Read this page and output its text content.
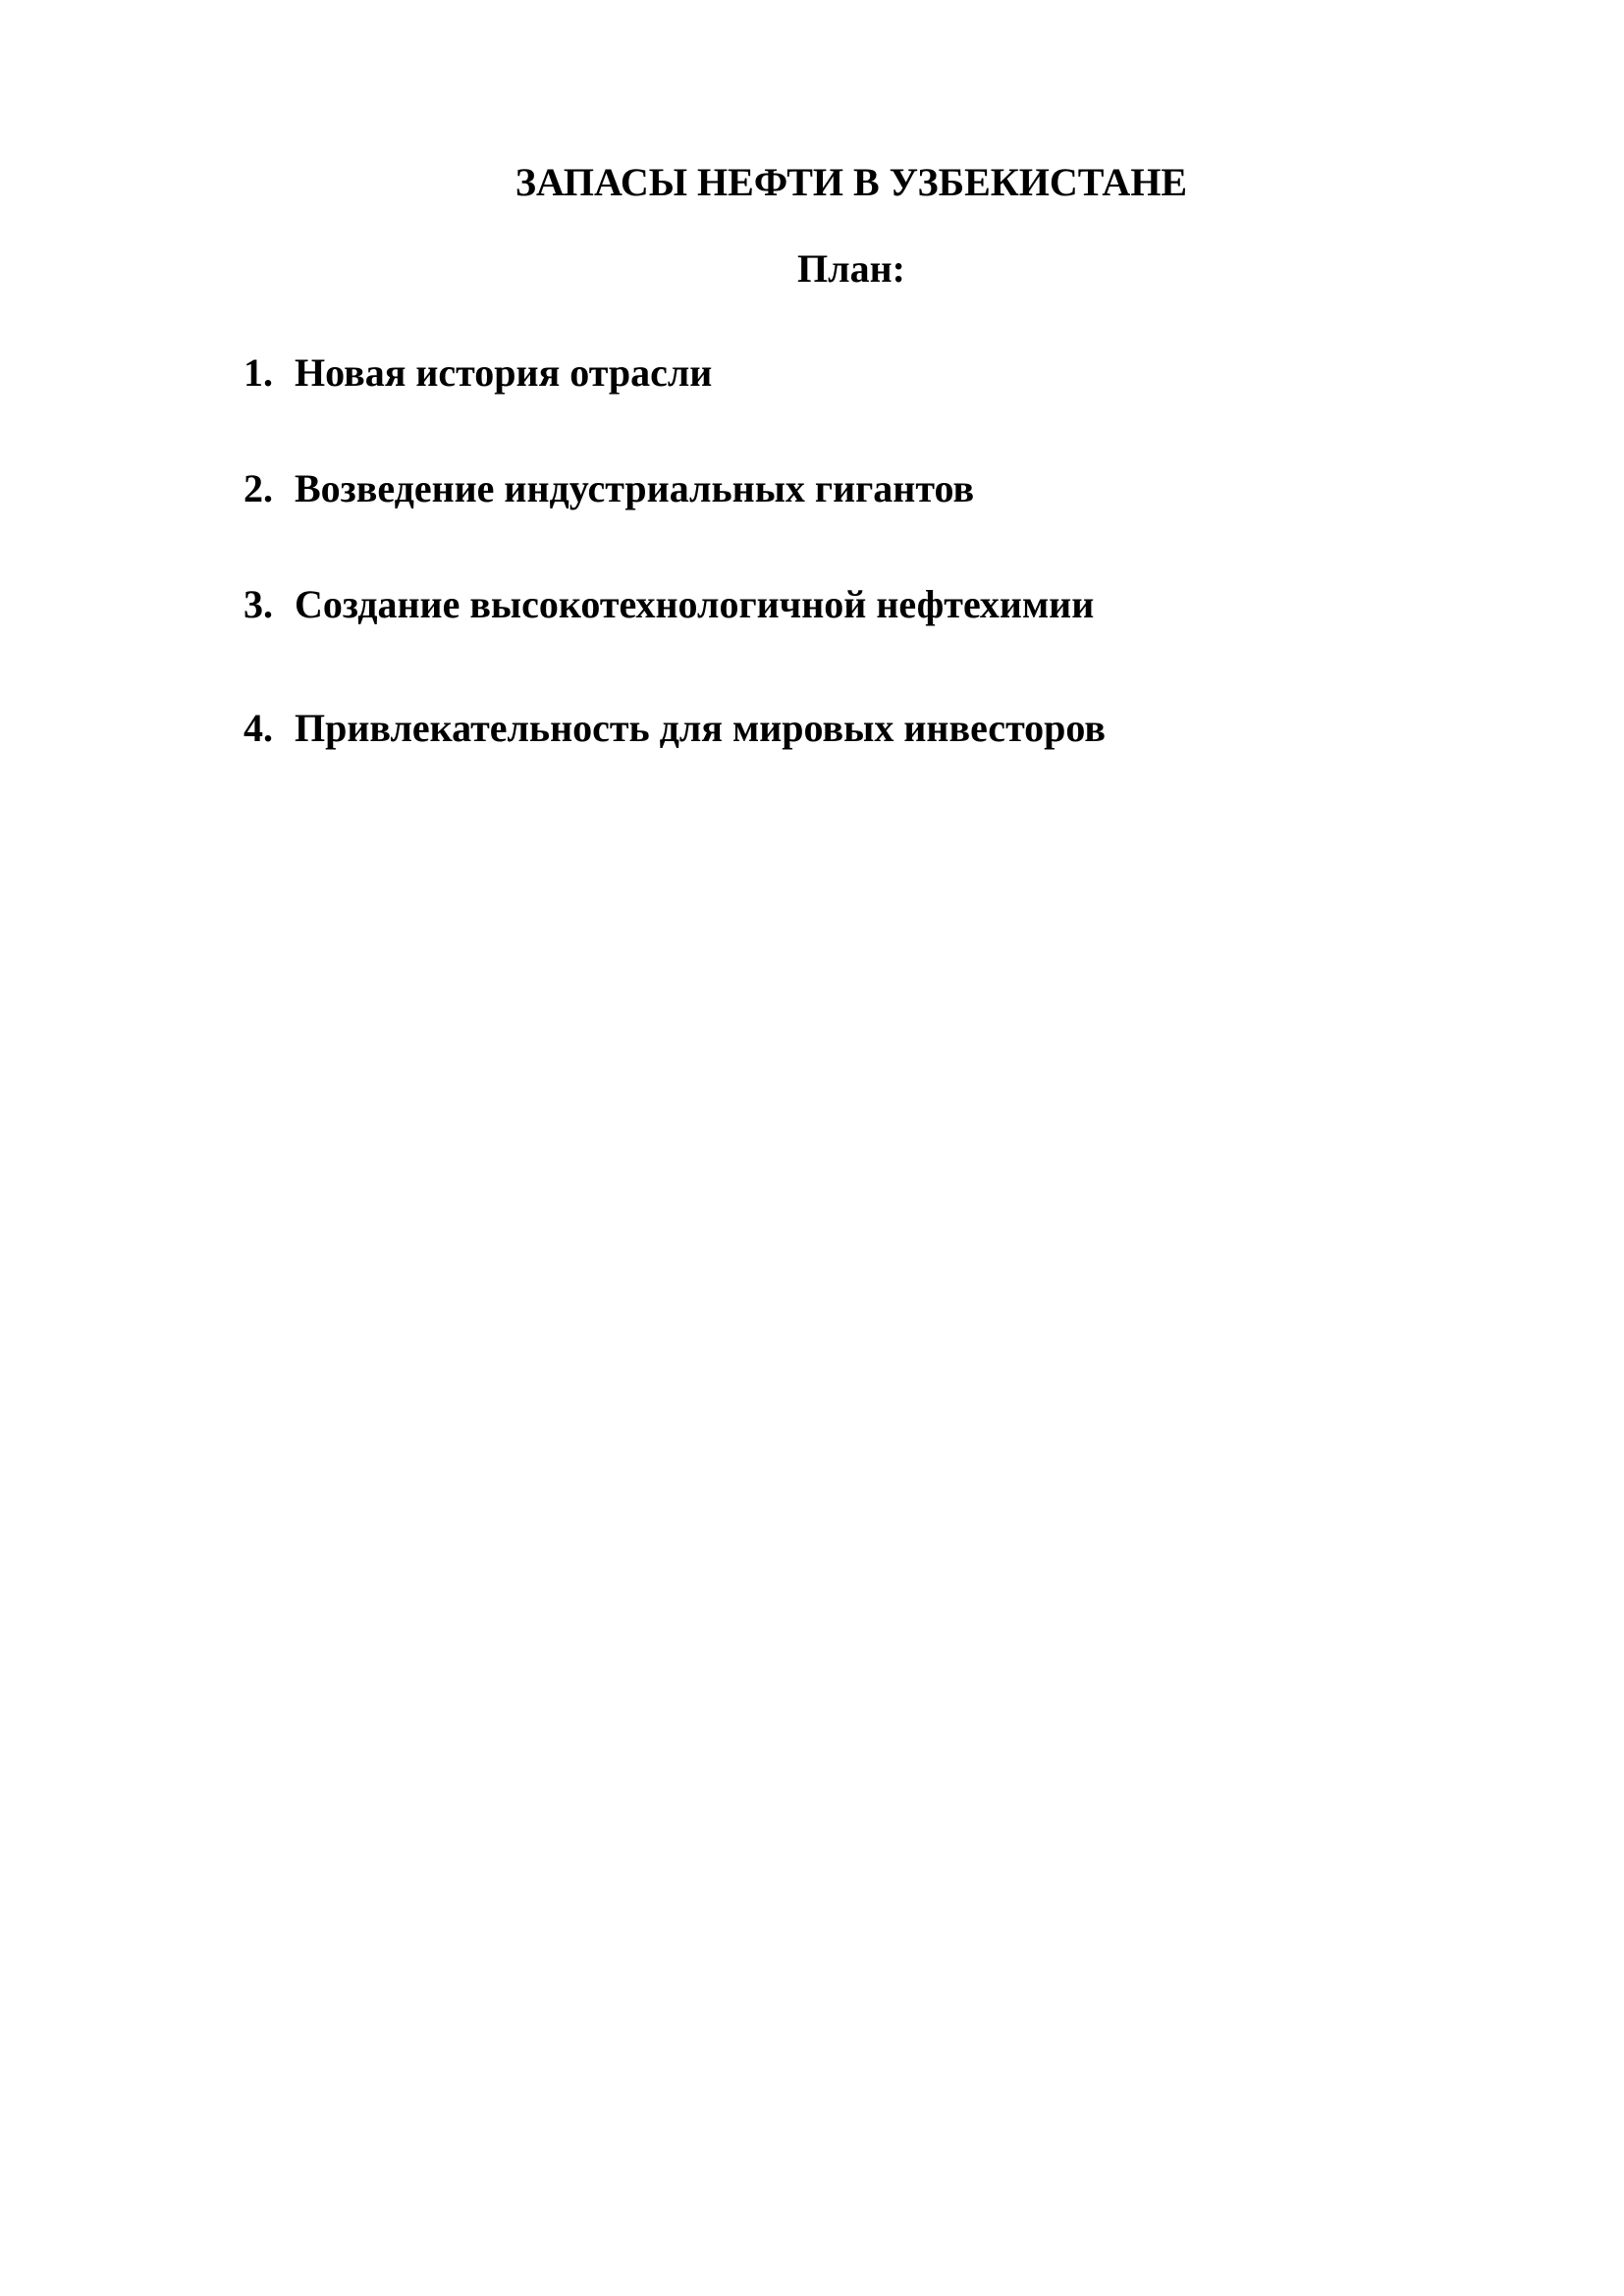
ЗАПАСЫ НЕФТИ В УЗБЕКИСТАНЕ
План:
1. Новая история отрасли
2. Возведение индустриальных гигантов
3. Создание высокотехнологичной нефтехимии
4. Привлекательность для мировых инвесторов
